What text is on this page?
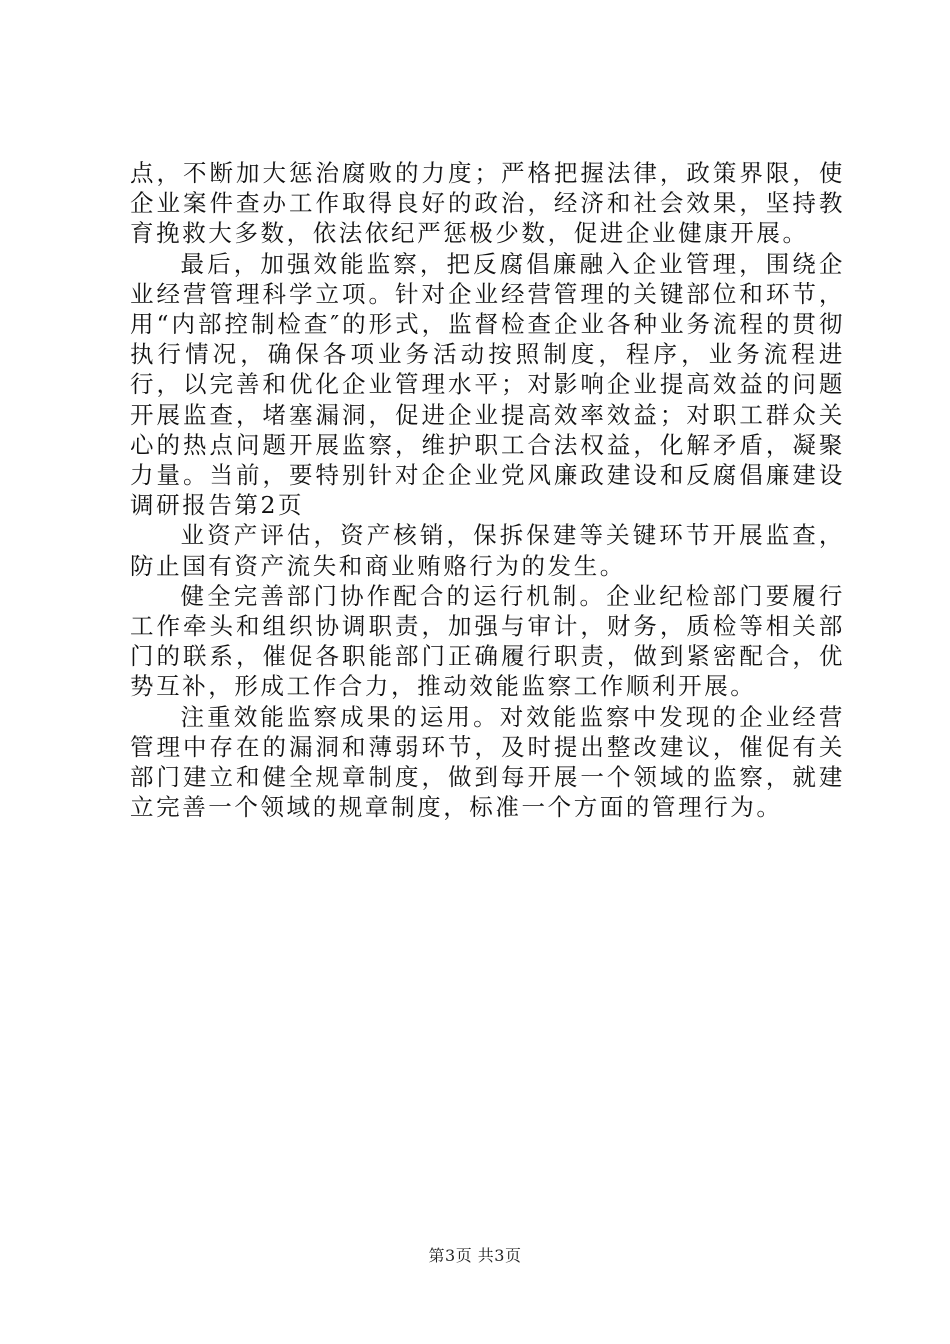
点，不断加大惩治腐败的力度；严格把握法律，政策界限，使企业案件查办工作取得良好的政治，经济和社会效果，坚持教育挽救大多数，依法依纪严惩极少数，促进企业健康开展。

最后，加强效能监察，把反腐倡廉融入企业管理，围绕企业经营管理科学立项。针对企业经营管理的关键部位和环节，用“内部控制检查″的形式，监督检查企业各种业务流程的贯彻执行情况，确保各项业务活动按照制度，程序，业务流程进行，以完善和优化企业管理水平；对影响企业提高效益的问题开展监查，堵塞漏洞，促进企业提高效率效益；对职工群众关心的热点问题开展监察，维护职工合法权益，化解矛盾，凝聚力量。当前，要特别针对企企业党风廉政建设和反腐倡廉建设调研报告第2页

业资产评估，资产核销，保拆保建等关键环节开展监查，防止国有资产流失和商业贿赂行为的发生。

健全完善部门协作配合的运行机制。企业纪检部门要履行工作牵头和组织协调职责，加强与审计，财务，质检等相关部门的联系，催促各职能部门正确履行职责，做到紧密配合，优势互补，形成工作合力，推动效能监察工作顺利开展。

注重效能监察成果的运用。对效能监察中发现的企业经营管理中存在的漏洞和薄弱环节，及时提出整改建议，催促有关部门建立和健全规章制度，做到每开展一个领域的监察，就建立完善一个领域的规章制度，标准一个方面的管理行为。

第3页 共3页
